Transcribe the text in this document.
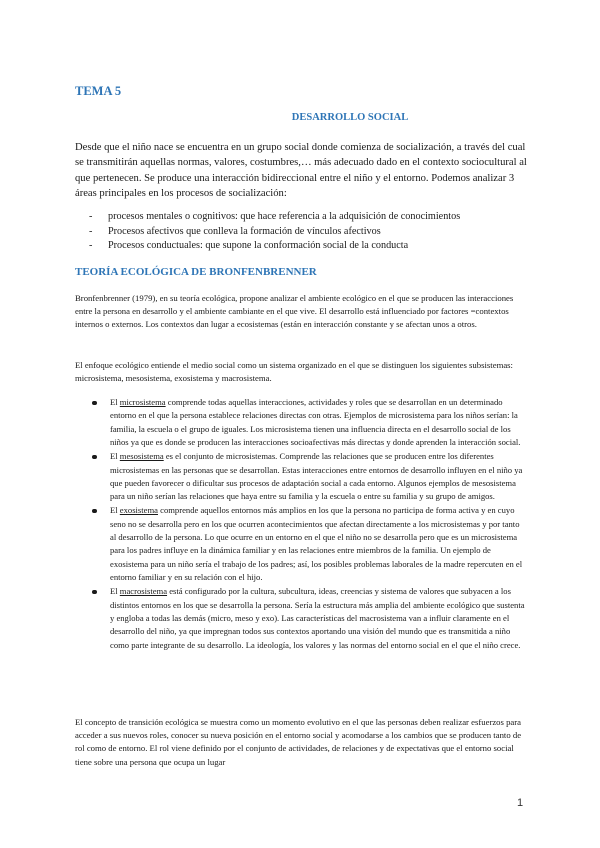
TEMA 5
DESARROLLO SOCIAL

Desde que el niño nace se encuentra en un grupo social donde comienza de socialización, a través del cual se transmitirán aquellas normas, valores, costumbres,… más adecuado dado en el contexto sociocultural al que pertenecen. Se produce una interacción bidireccional entre el niño y el entorno. Podemos analizar 3 áreas principales en los procesos de socialización:

- procesos mentales o cognitivos: que hace referencia a la adquisición de conocimientos
- Procesos afectivos que conlleva la formación de vínculos afectivos
- Procesos conductuales: que supone la conformación social de la conducta
TEORÍA ECOLÓGICA DE BRONFENBRENNER

Bronfenbrenner (1979), en su teoría ecológica, propone analizar el ambiente ecológico en el que se producen las interacciones entre la persona en desarrollo y el ambiente cambiante en el que vive. El desarrollo está influenciado por factores =contextos internos o externos. Los contextos dan lugar a ecosistemas (están en interacción constante y se afectan unos a otros.

El enfoque ecológico entiende el medio social como un sistema organizado en el que se distinguen los siguientes subsistemas: microsistema, mesosistema, exosistema y macrosistema.

El microsistema comprende todas aquellas interacciones, actividades y roles que se desarrollan en un determinado entorno en el que la persona establece relaciones directas con otras. Ejemplos de microsistema para los niños serían: la familia, la escuela o el grupo de iguales. Los microsistema tienen una influencia directa en el desarrollo social de los niños ya que es donde se producen las interacciones socioafectivas más directas y donde aprenden la interacción social.
El mesosistema es el conjunto de microsistemas. Comprende las relaciones que se producen entre los diferentes microsistemas en las personas que se desarrollan. Estas interacciones entre entornos de desarrollo influyen en el niño ya que pueden favorecer o dificultar sus procesos de adaptación social a cada entorno. Algunos ejemplos de mesosistema para un niño serían las relaciones que haya entre su familia y la escuela o entre su familia y su grupo de amigos.
El exosistema comprende aquellos entornos más amplios en los que la persona no participa de forma activa y en cuyo seno no se desarrolla pero en los que ocurren acontecimientos que afectan directamente a los microsistemas y por tanto al desarrollo de la persona. Lo que ocurre en un entorno en el que el niño no se desarrolla pero que es un microsistema para los padres influye en la dinámica familiar y en las relaciones entre miembros de la familia. Un ejemplo de exosistema para un niño sería el trabajo de los padres; así, los posibles problemas laborales de la madre repercuten en el entorno familiar y en su relación con el hijo.
El macrosistema está configurado por la cultura, subcultura, ideas, creencias y sistema de valores que subyacen a los distintos entornos en los que se desarrolla la persona. Sería la estructura más amplia del ambiente ecológico que sustenta y engloba a todas las demás (micro, meso y exo). Las características del macrosistema van a influir claramente en el desarrollo del niño, ya que impregnan todos sus contextos aportando una visión del mundo que es transmitida a niño como parte integrante de su desarrollo. La ideología, los valores y las normas del entorno social en el que el niño crece.

El concepto de transición ecológica se muestra como un momento evolutivo en el que las personas deben realizar esfuerzos para acceder a sus nuevos roles, conocer su nueva posición en el entorno social y acomodarse a los cambios que se producen tanto de rol como de entorno. El rol viene definido por el conjunto de actividades, de relaciones y de expectativas que el entorno social tiene sobre una persona que ocupa un lugar

1
